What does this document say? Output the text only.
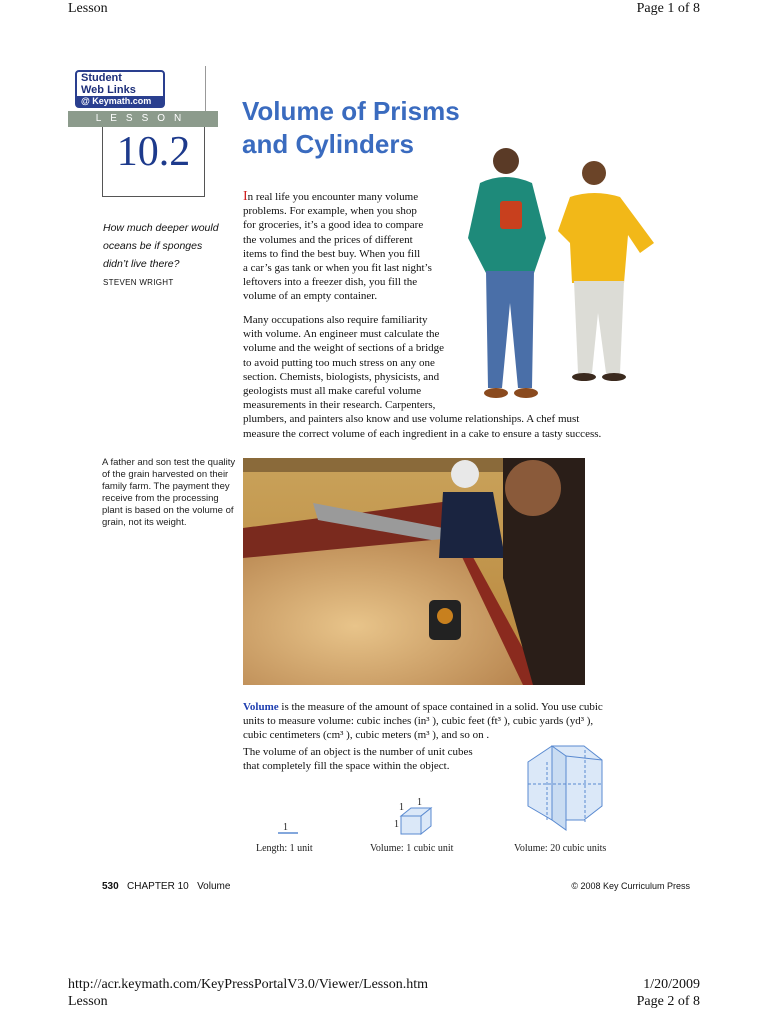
Lesson	Page 1 of 8
Student
Web Links
@ Keymath.com
LESSON
10.2
Volume of Prisms
and Cylinders
How much deeper would oceans be if sponges didn’t live there?
STEVEN WRIGHT
In real life you encounter many volume
problems. For example, when you shop
for groceries, it’s a good idea to compare
the volumes and the prices of different
items to find the best buy. When you fill
a car’s gas tank or when you fit last night’s
leftovers into a freezer dish, you fill the
volume of an empty container.
Many occupations also require familiarity
with volume. An engineer must calculate the
volume and the weight of sections of a bridge
to avoid putting too much stress on any one
section. Chemists, biologists, physicists, and
geologists must all make careful volume
measurements in their research. Carpenters,
plumbers, and painters also know and use volume relationships. A chef must
measure the correct volume of each ingredient in a cake to ensure a tasty success.
A father and son test the quality of the grain harvested on their family farm. The payment they receive from the processing plant is based on the volume of grain, not its weight.
Volume is the measure of the amount of space contained in a solid. You use cubic
units to measure volume: cubic inches (in³ ), cubic feet (ft³ ), cubic yards (yd³ ),
cubic centimeters (cm³ ), cubic meters (m³ ), and so on .
The volume of an object is the number of unit cubes
that completely fill the space within the object.
1
1 1
1
Length: 1 unit	Volume: 1 cubic unit	Volume: 20 cubic units
530 CHAPTER 10 Volume	© 2008 Key Curriculum Press
http://acr.keymath.com/KeyPressPortalV3.0/Viewer/Lesson.htm	1/20/2009
Lesson	Page 2 of 8
